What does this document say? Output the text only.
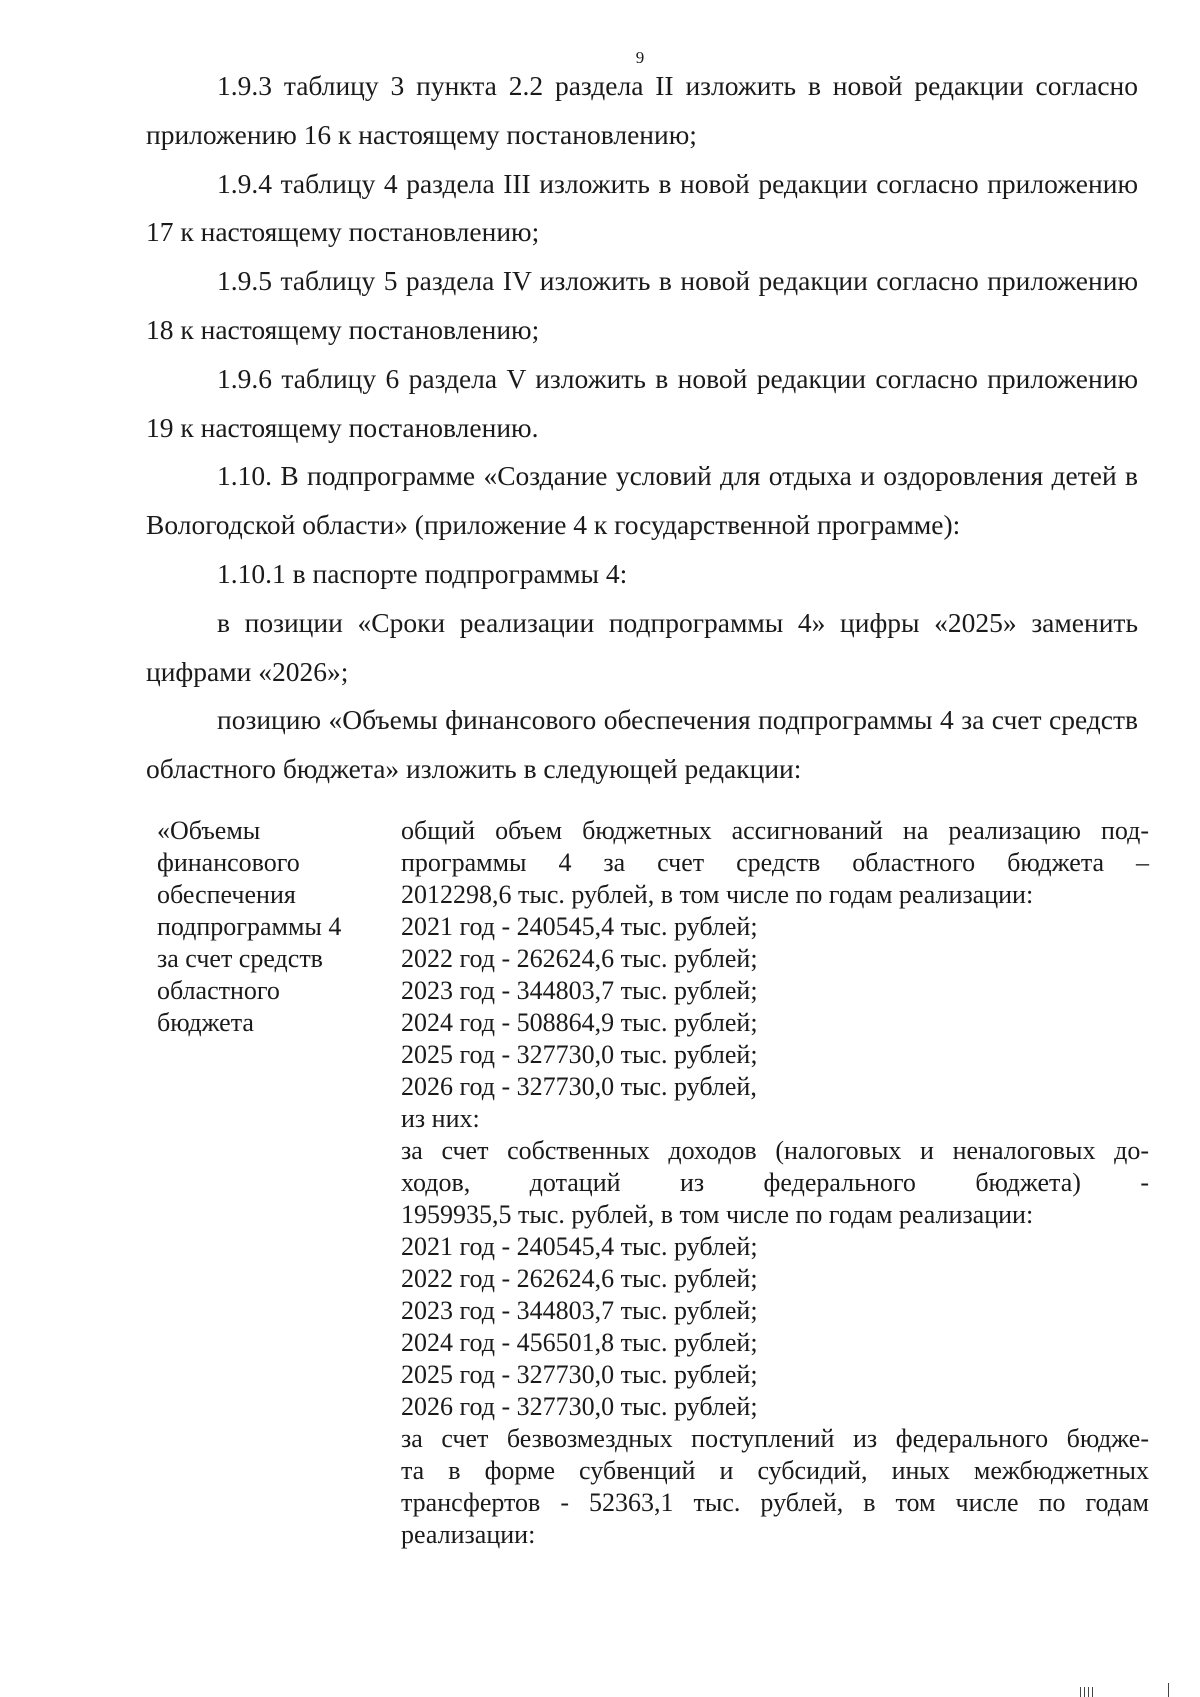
9

1.9.3 таблицу 3 пункта 2.2 раздела II изложить в новой редакции согласно приложению 16 к настоящему постановлению;

1.9.4 таблицу 4 раздела III изложить в новой редакции согласно приложению 17 к настоящему постановлению;

1.9.5 таблицу 5 раздела IV изложить в новой редакции согласно приложению 18 к настоящему постановлению;

1.9.6 таблицу 6 раздела V изложить в новой редакции согласно приложению 19 к настоящему постановлению.

1.10. В подпрограмме «Создание условий для отдыха и оздоровления детей в Вологодской области» (приложение 4 к государственной программе):

1.10.1 в паспорте подпрограммы 4:

в позиции «Сроки реализации подпрограммы 4» цифры «2025» заменить цифрами «2026»;

позицию «Объемы финансового обеспечения подпрограммы 4 за счет средств областного бюджета» изложить в следующей редакции:

«Объемы
финансового
обеспечения
подпрограммы 4
за счет средств
областного
бюджета
общий объем бюджетных ассигнований на реализацию под-
программы 4 за счет средств областного бюджета –
2012298,6 тыс. рублей, в том числе по годам реализации:
2021 год - 240545,4 тыс. рублей;
2022 год - 262624,6 тыс. рублей;
2023 год - 344803,7 тыс. рублей;
2024 год - 508864,9 тыс. рублей;
2025 год - 327730,0 тыс. рублей;
2026 год - 327730,0 тыс. рублей,
из них:
за счет собственных доходов (налоговых и неналоговых до-
ходов, дотаций из федерального бюджета) -
1959935,5 тыс. рублей, в том числе по годам реализации:
2021 год - 240545,4 тыс. рублей;
2022 год - 262624,6 тыс. рублей;
2023 год - 344803,7 тыс. рублей;
2024 год - 456501,8 тыс. рублей;
2025 год - 327730,0 тыс. рублей;
2026 год - 327730,0 тыс. рублей;
за счет безвозмездных поступлений из федерального бюдже-
та в форме субвенций и субсидий, иных межбюджетных
трансфертов - 52363,1 тыс. рублей, в том числе по годам
реализации:
